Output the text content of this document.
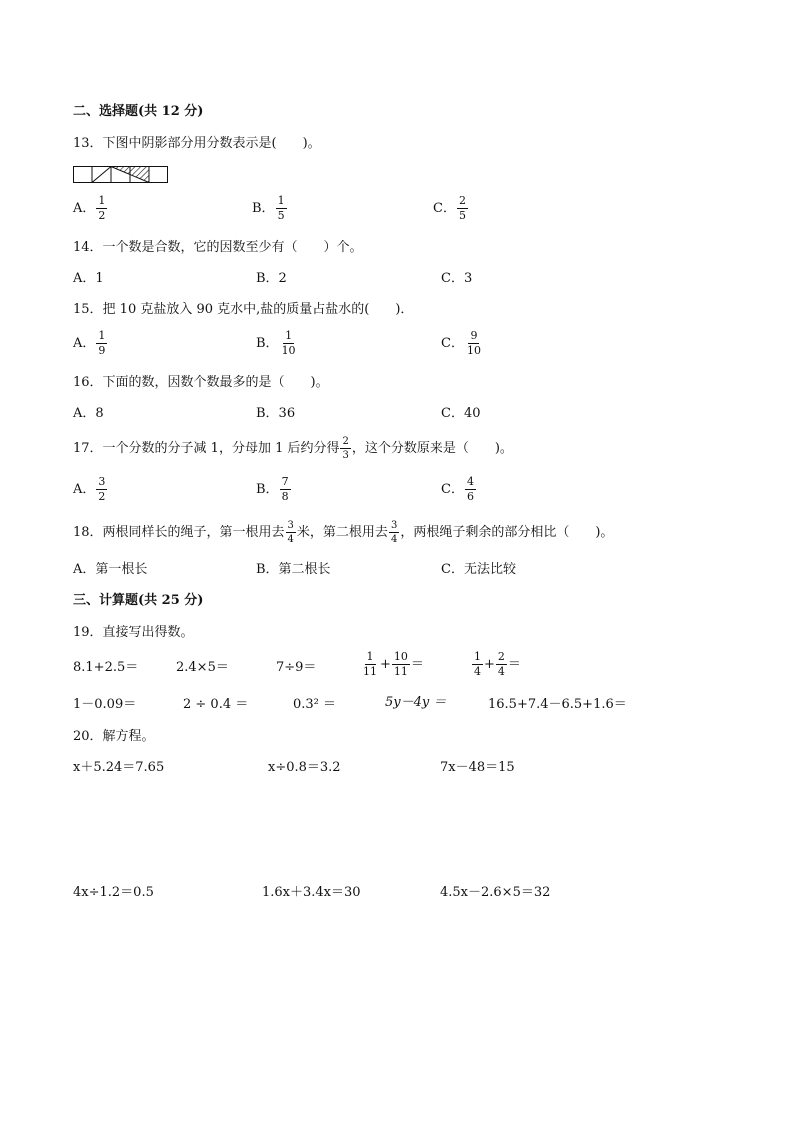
二、选择题(共 12 分)
13．下图中阴影部分用分数表示是(　　)。
A． $\frac{1}{2}$	B． $\frac{1}{5}$	C． $\frac{2}{5}$
14．一个数是合数，它的因数至少有（　　）个。
A．1	B．2	C．3
15．把 10 克盐放入 90 克水中,盐的质量占盐水的(　　)．
A． $\frac{1}{9}$	B． $\frac{1}{10}$	C． $\frac{9}{10}$
16．下面的数，因数个数最多的是（　　)。
A．8	B．36	C．40
17．一个分数的分子减 1，分母加 1 后约分得 $\frac{2}{3}$ ，这个分数原来是（　　)。
A． $\frac{3}{2}$	B． $\frac{7}{8}$	C． $\frac{4}{6}$
18．两根同样长的绳子，第一根用去 $\frac{3}{4}$ 米，第二根用去 $\frac{3}{4}$ ，两根绳子剩余的部分相比（　　)。
A．第一根长	B．第二根长	C．无法比较
三、计算题(共 25 分)
19．直接写出得数。
8.1+2.5＝	2.4×5＝	7÷9＝	$\frac{1}{11} + \frac{10}{11}$ ＝	$\frac{1}{4} + \frac{2}{4}$ ＝
1－0.09＝	2 ÷ 0.4 ＝	0.3² ＝	5y－4y ＝	16.5+7.4－6.5+1.6＝
20．解方程。
x＋5.24＝7.65	x÷0.8＝3.2	7x－48＝15
4x÷1.2＝0.5	1.6x＋3.4x＝30	4.5x－2.6×5＝32
